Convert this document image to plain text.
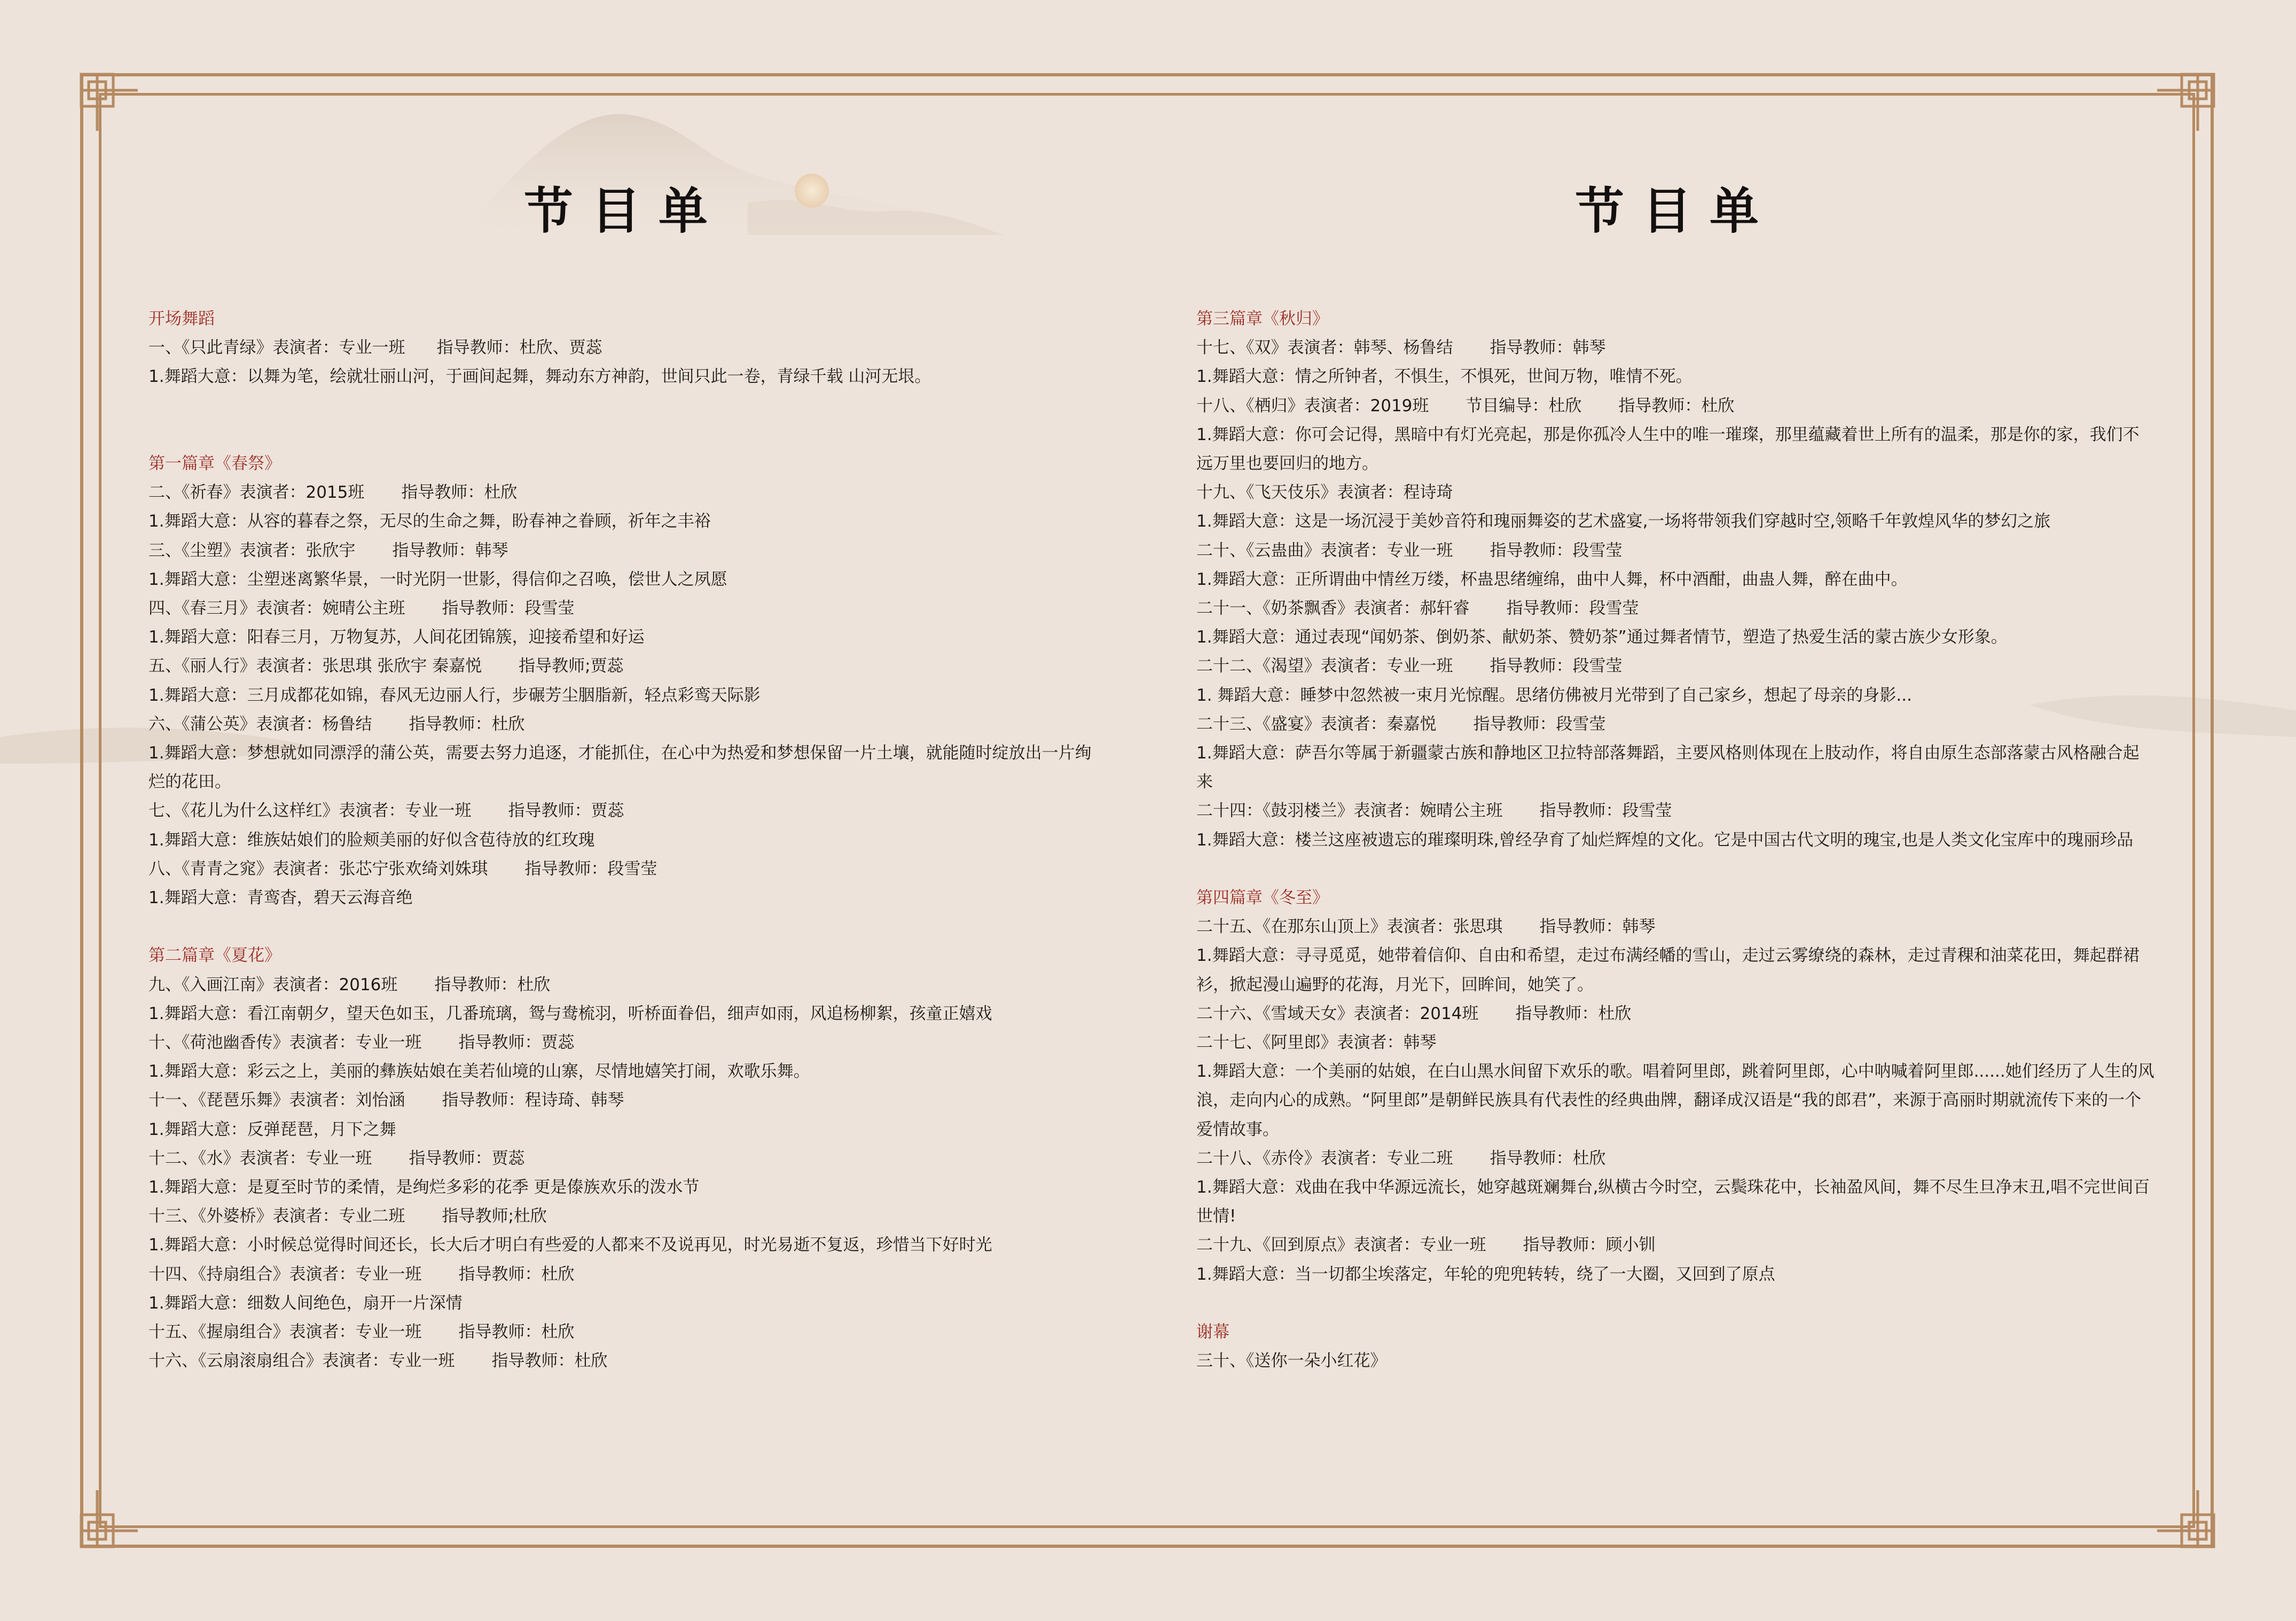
节目单	节目单
开场舞蹈
一、《只此青绿》表演者：专业一班      指导教师：杜欣、贾蕊
1.舞蹈大意：以舞为笔，绘就壮丽山河，于画间起舞，舞动东方神韵，世间只此一卷，青绿千载 山河无垠。
第一篇章《春祭》
二、《祈春》表演者：2015班       指导教师：杜欣
1.舞蹈大意：从容的暮春之祭，无尽的生命之舞，盼春神之眷顾，祈年之丰裕
三、《尘塑》表演者：张欣宇       指导教师：韩琴
1.舞蹈大意：尘塑迷离繁华景，一时光阴一世影，得信仰之召唤，偿世人之夙愿
四、《春三月》表演者：婉晴公主班       指导教师：段雪莹
1.舞蹈大意：阳春三月，万物复苏，人间花团锦簇，迎接希望和好运
五、《丽人行》表演者：张思琪 张欣宇 秦嘉悦       指导教师;贾蕊
1.舞蹈大意：三月成都花如锦，春风无边丽人行，步碾芳尘胭脂新，轻点彩鸾天际影
六、《蒲公英》表演者：杨鲁结       指导教师：杜欣
1.舞蹈大意：梦想就如同漂浮的蒲公英，需要去努力追逐，才能抓住，在心中为热爱和梦想保留一片土壤，就能随时绽放出一片绚烂的花田。
七、《花儿为什么这样红》表演者：专业一班       指导教师：贾蕊
1.舞蹈大意：维族姑娘们的脸颊美丽的好似含苞待放的红玫瑰
八、《青青之窕》表演者：张芯宁张欢绮刘姝琪       指导教师：段雪莹
1.舞蹈大意：青鸾杳，碧天云海音绝
第二篇章《夏花》
九、《入画江南》表演者：2016班       指导教师：杜欣
1.舞蹈大意：看江南朝夕，望天色如玉，几番琉璃，鸳与鸯梳羽，听桥面眷侣，细声如雨，风追杨柳絮，孩童正嬉戏
十、《荷池幽香传》表演者：专业一班       指导教师：贾蕊
1.舞蹈大意：彩云之上，美丽的彝族姑娘在美若仙境的山寨，尽情地嬉笑打闹，欢歌乐舞。
十一、《琵琶乐舞》表演者：刘怡涵       指导教师：程诗琦、韩琴
1.舞蹈大意：反弹琵琶，月下之舞
十二、《水》表演者：专业一班       指导教师：贾蕊
1.舞蹈大意：是夏至时节的柔情，是绚烂多彩的花季 更是傣族欢乐的泼水节
十三、《外婆桥》表演者：专业二班       指导教师;杜欣
1.舞蹈大意：小时候总觉得时间还长，长大后才明白有些爱的人都来不及说再见，时光易逝不复返，珍惜当下好时光
十四、《持扇组合》表演者：专业一班       指导教师：杜欣
1.舞蹈大意：细数人间绝色，扇开一片深情
十五、《握扇组合》表演者：专业一班       指导教师：杜欣
十六、《云扇滚扇组合》表演者：专业一班       指导教师：杜欣
第三篇章《秋归》
十七、《双》表演者：韩琴、杨鲁结       指导教师：韩琴
1.舞蹈大意：情之所钟者，不惧生，不惧死，世间万物，唯情不死。
十八、《栖归》表演者：2019班       节目编导：杜欣       指导教师：杜欣
1.舞蹈大意：你可会记得，黑暗中有灯光亮起，那是你孤冷人生中的唯一璀璨，那里蕴藏着世上所有的温柔，那是你的家，我们不远万里也要回归的地方。
十九、《飞天伎乐》表演者：程诗琦
1.舞蹈大意：这是一场沉浸于美妙音符和瑰丽舞姿的艺术盛宴,一场将带领我们穿越时空,领略千年敦煌风华的梦幻之旅
二十、《云蛊曲》表演者：专业一班       指导教师：段雪莹
1.舞蹈大意：正所谓曲中情丝万缕，杯蛊思绪缠绵，曲中人舞，杯中酒酣，曲蛊人舞，醉在曲中。
二十一、《奶茶飘香》表演者：郝轩睿       指导教师：段雪莹
1.舞蹈大意：通过表现“闻奶茶、倒奶茶、献奶茶、赞奶茶”通过舞者情节，塑造了热爱生活的蒙古族少女形象。
二十二、《渴望》表演者：专业一班       指导教师：段雪莹
1. 舞蹈大意：睡梦中忽然被一束月光惊醒。思绪仿佛被月光带到了自己家乡，想起了母亲的身影...
二十三、《盛宴》表演者：秦嘉悦       指导教师：段雪莹
1.舞蹈大意：萨吾尔等属于新疆蒙古族和静地区卫拉特部落舞蹈，主要风格则体现在上肢动作，将自由原生态部落蒙古风格融合起来
二十四：《鼓羽楼兰》表演者：婉晴公主班       指导教师：段雪莹
1.舞蹈大意：楼兰这座被遗忘的璀璨明珠,曾经孕育了灿烂辉煌的文化。它是中国古代文明的瑰宝,也是人类文化宝库中的瑰丽珍品
第四篇章《冬至》
二十五、《在那东山顶上》表演者：张思琪       指导教师：韩琴
1.舞蹈大意：寻寻觅觅，她带着信仰、自由和希望，走过布满经幡的雪山，走过云雾缭绕的森林，走过青稞和油菜花田，舞起群裙衫，掀起漫山遍野的花海，月光下，回眸间，她笑了。
二十六、《雪域天女》表演者：2014班       指导教师：杜欣
二十七、《阿里郎》表演者：韩琴
1.舞蹈大意：一个美丽的姑娘，在白山黑水间留下欢乐的歌。唱着阿里郎，跳着阿里郎，心中呐喊着阿里郎......她们经历了人生的风浪，走向内心的成熟。“阿里郎”是朝鲜民族具有代表性的经典曲牌，翻译成汉语是“我的郎君”，来源于高丽时期就流传下来的一个爱情故事。
二十八、《赤伶》表演者：专业二班       指导教师：杜欣
1.舞蹈大意：戏曲在我中华源远流长，她穿越斑斓舞台,纵横古今时空，云鬓珠花中，长袖盈风间，舞不尽生旦净末丑,唱不完世间百世情!
二十九、《回到原点》表演者：专业一班       指导教师：顾小钏
1.舞蹈大意：当一切都尘埃落定，年轮的兜兜转转，绕了一大圈，又回到了原点
谢幕
三十、《送你一朵小红花》
